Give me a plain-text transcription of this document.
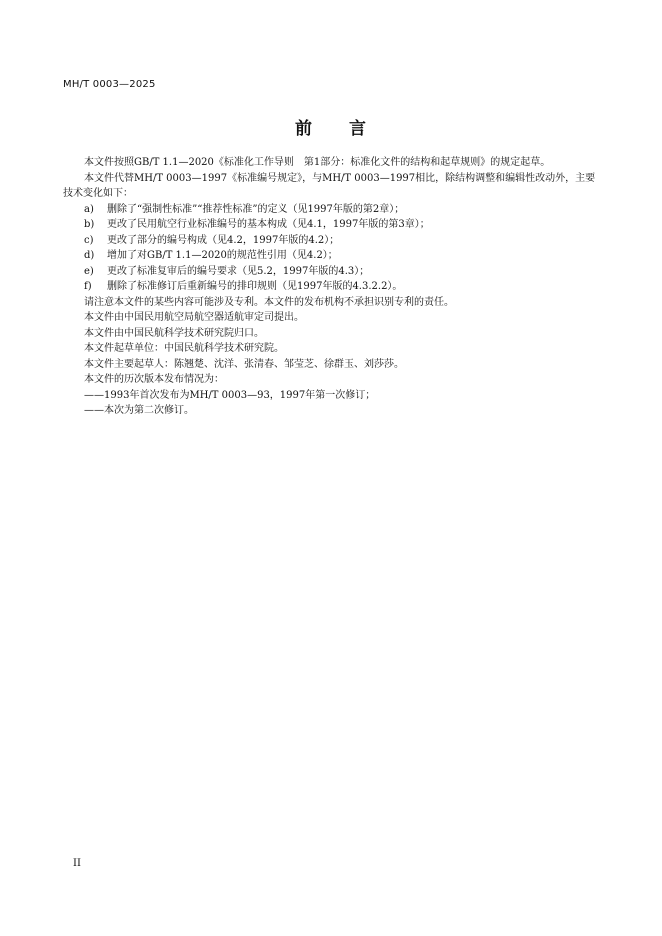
MH/T 0003—2025
前 言

本文件按照GB/T 1.1—2020《标准化工作导则　第1部分：标准化文件的结构和起草规则》的规定起草。

本文件代替MH/T 0003—1997《标准编号规定》，与MH/T 0003—1997相比，除结构调整和编辑性改动外，主要技术变化如下：

a)	删除了“强制性标准”“推荐性标准”的定义（见1997年版的第2章）；
b)	更改了民用航空行业标准编号的基本构成（见4.1，1997年版的第3章）；
c)	更改了部分的编号构成（见4.2，1997年版的4.2）；
d)	增加了对GB/T 1.1—2020的规范性引用（见4.2）；
e)	更改了标准复审后的编号要求（见5.2，1997年版的4.3）；
f)	删除了标准修订后重新编号的排印规则（见1997年版的4.3.2.2）。

请注意本文件的某些内容可能涉及专利。本文件的发布机构不承担识别专利的责任。

本文件由中国民用航空局航空器适航审定司提出。

本文件由中国民航科学技术研究院归口。

本文件起草单位：中国民航科学技术研究院。

本文件主要起草人：陈翘楚、沈洋、张清春、邹莹芝、徐群玉、刘莎莎。

本文件的历次版本发布情况为：

——1993年首次发布为MH/T 0003—93，1997年第一次修订；

——本次为第二次修订。

II
